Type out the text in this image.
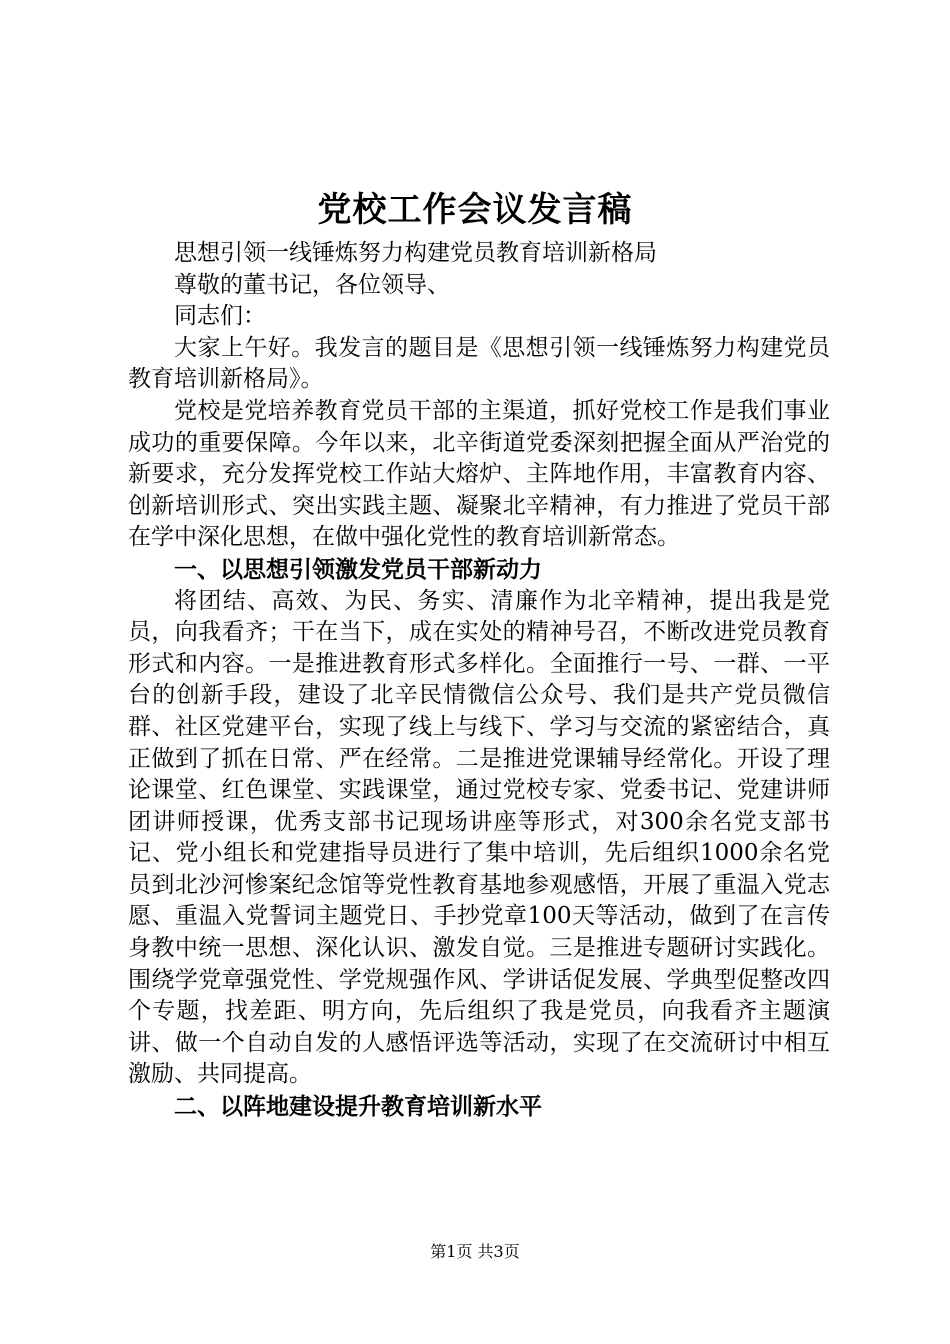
党校工作会议发言稿

思想引领一线锤炼努力构建党员教育培训新格局

尊敬的董书记，各位领导、

同志们：

大家上午好。我发言的题目是《思想引领一线锤炼努力构建党员教育培训新格局》。

党校是党培养教育党员干部的主渠道，抓好党校工作是我们事业成功的重要保障。今年以来，北辛街道党委深刻把握全面从严治党的新要求，充分发挥党校工作站大熔炉、主阵地作用，丰富教育内容、创新培训形式、突出实践主题、凝聚北辛精神，有力推进了党员干部在学中深化思想，在做中强化党性的教育培训新常态。

一、以思想引领激发党员干部新动力

将团结、高效、为民、务实、清廉作为北辛精神，提出我是党员，向我看齐；干在当下，成在实处的精神号召，不断改进党员教育形式和内容。一是推进教育形式多样化。全面推行一号、一群、一平台的创新手段，建设了北辛民情微信公众号、我们是共产党员微信群、社区党建平台，实现了线上与线下、学习与交流的紧密结合，真正做到了抓在日常、严在经常。二是推进党课辅导经常化。开设了理论课堂、红色课堂、实践课堂，通过党校专家、党委书记、党建讲师团讲师授课，优秀支部书记现场讲座等形式，对300余名党支部书记、党小组长和党建指导员进行了集中培训，先后组织1000余名党员到北沙河惨案纪念馆等党性教育基地参观感悟，开展了重温入党志愿、重温入党誓词主题党日、手抄党章100天等活动，做到了在言传身教中统一思想、深化认识、激发自觉。三是推进专题研讨实践化。围绕学党章强党性、学党规强作风、学讲话促发展、学典型促整改四个专题，找差距、明方向，先后组织了我是党员，向我看齐主题演讲、做一个自动自发的人感悟评选等活动，实现了在交流研讨中相互激励、共同提高。

二、以阵地建设提升教育培训新水平

第1页 共3页
